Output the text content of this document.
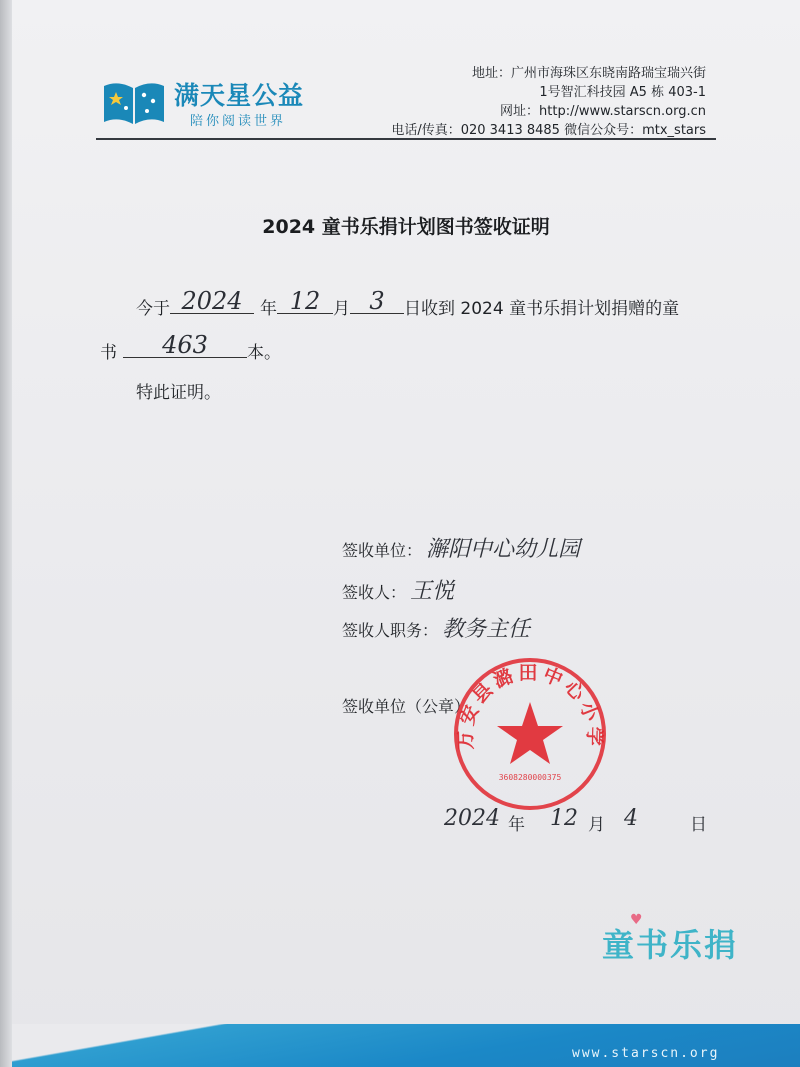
满天星公益
陪你阅读世界
地址：广州市海珠区东晓南路瑞宝瑞兴街
1号智汇科技园 A5 栋 403-1
网址：http://www.starscn.org.cn
电话/传真：020 3413 8485 微信公众号：mtx_stars
2024 童书乐捐计划图书签收证明
今于 2024	年 12 月 3	日收到 2024 童书乐捐计划捐赠的童
书	463	本。
特此证明。
签收单位： 澥阳中心幼儿园
签收人： 王悦
签收人职务： 教务主任
签收单位（公章）
万安县潞田中心小学
3608280000375
2024 年 12 月 4	日
童书乐捐
♥
www.starscn.org
